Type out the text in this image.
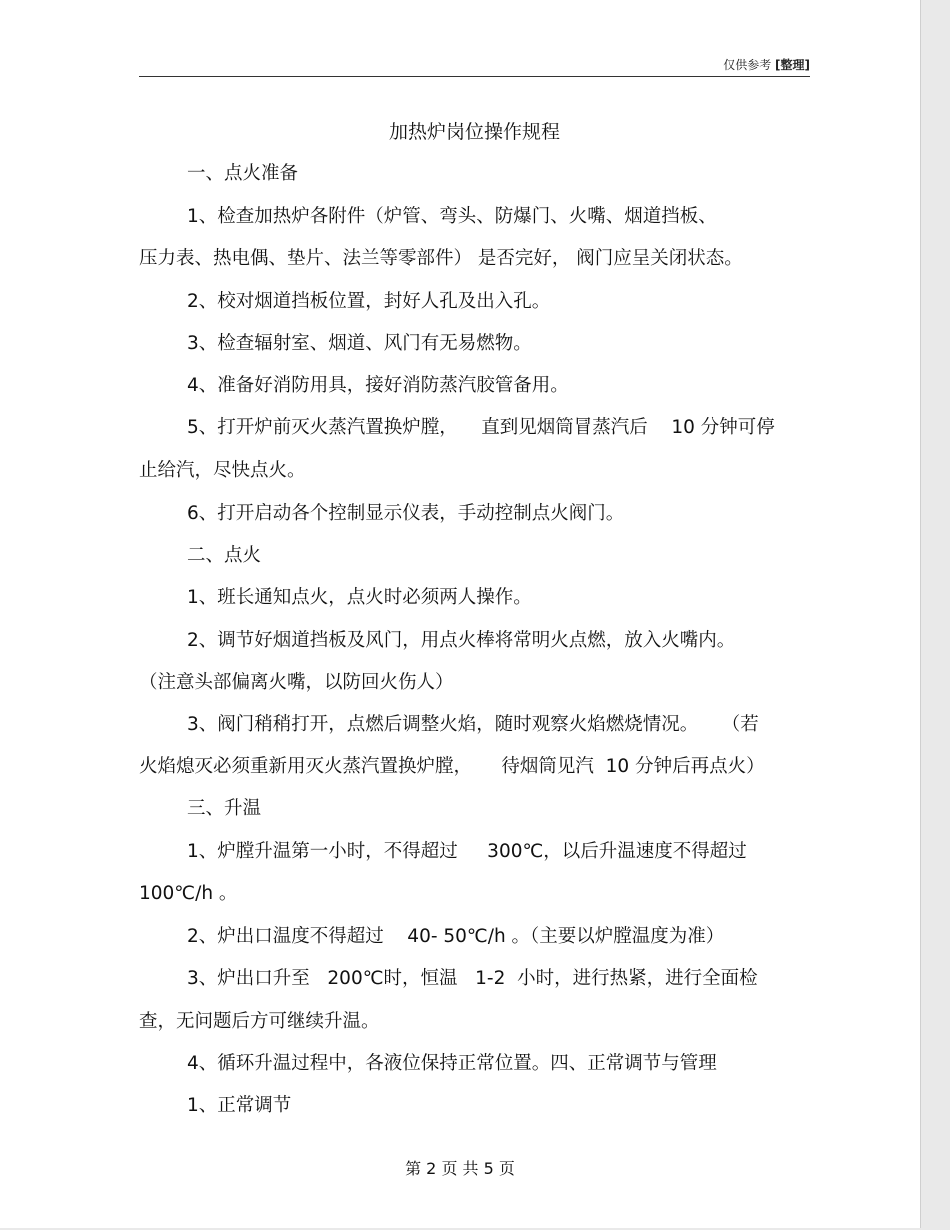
仅供参考 [整理]
加热炉岗位操作规程
一、点火准备
1、检查加热炉各附件（炉管、弯头、防爆门、火嘴、烟道挡板、
压力表、热电偶、垫片、法兰等零部件） 是否完好， 阀门应呈关闭状态。
2、校对烟道挡板位置，封好人孔及出入孔。
3、检查辐射室、烟道、风门有无易燃物。
4、准备好消防用具，接好消防蒸汽胶管备用。
5、打开炉前灭火蒸汽置换炉膛，    直到见烟筒冒蒸汽后    10 分钟可停
止给汽，尽快点火。
6、打开启动各个控制显示仪表，手动控制点火阀门。
二、点火
1、班长通知点火，点火时必须两人操作。
2、调节好烟道挡板及风门，用点火棒将常明火点燃，放入火嘴内。
（注意头部偏离火嘴，以防回火伤人）
3、阀门稍稍打开，点燃后调整火焰，随时观察火焰燃烧情况。    （若
火焰熄灭必须重新用灭火蒸汽置换炉膛，     待烟筒见汽  10 分钟后再点火）
三、升温
1、炉膛升温第一小时，不得超过     300℃，以后升温速度不得超过
100℃/h 。
2、炉出口温度不得超过    40- 50℃/h 。（主要以炉膛温度为准）
3、炉出口升至   200℃时，恒温   1-2  小时，进行热紧，进行全面检
查，无问题后方可继续升温。
4、循环升温过程中，各液位保持正常位置。四、正常调节与管理
1、正常调节
第 2 页 共 5 页
